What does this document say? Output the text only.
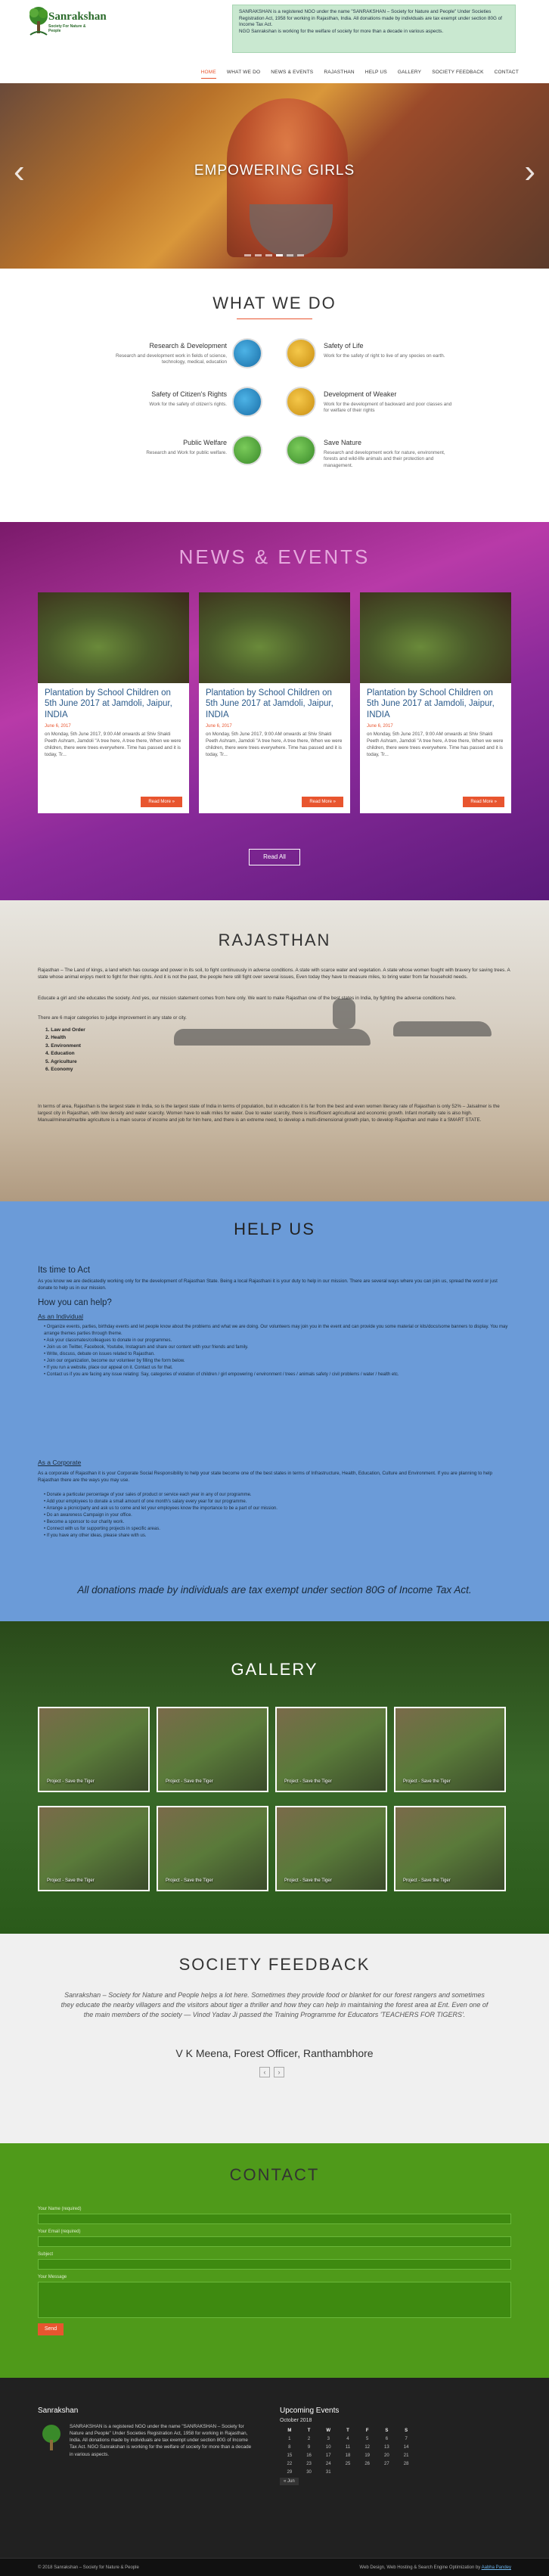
Sanrakshan
Society For Nature & People

SANRAKSHAN is a registered NGO under the name "SANRAKSHAN – Society for Nature and People" Under Societies Registration Act, 1958 for working in Rajasthan, India. All donations made by individuals are tax exempt under section 80G of Income Tax Act.

NGO Sanrakshan is working for the welfare of society for more than a decade in various aspects.

HOME WHAT WE DO NEWS & EVENTS RAJASTHAN HELP US GALLERY SOCIETY FEEDBACK CONTACT
EMPOWERING GIRLS
‹	›
WHAT WE DO
Research & Development

Research and development work in fields of science, technology, medical, education

Safety of Life

Work for the safety of right to live of any species on earth.

Safety of Citizen's Rights

Work for the safety of citizen's rights.

Development of Weaker

Work for the development of backward and poor classes and for welfare of their rights

Public Welfare

Research and Work for public welfare.

Save Nature

Research and development work for nature, environment, forests and wild-life animals and their protection and management.

NEWS & EVENTS
Plantation by School Children on 5th June 2017 at Jamdoli, Jaipur, INDIA
June 6, 2017
on Monday, 5th June 2017, 9:00 AM onwards at Shiv Shakti Peeth Ashram, Jamdoli "A tree here, A tree there, When we were children, there were trees everywhere. Time has passed and it is today, Tr...
Read More »
Plantation by School Children on 5th June 2017 at Jamdoli, Jaipur, INDIA
June 6, 2017
on Monday, 5th June 2017, 9:00 AM onwards at Shiv Shakti Peeth Ashram, Jamdoli "A tree here, A tree there, When we were children, there were trees everywhere. Time has passed and it is today, Tr...
Read More »
Plantation by School Children on 5th June 2017 at Jamdoli, Jaipur, INDIA
June 6, 2017
on Monday, 5th June 2017, 9:00 AM onwards at Shiv Shakti Peeth Ashram, Jamdoli "A tree here, A tree there, When we were children, there were trees everywhere. Time has passed and it is today, Tr...
Read More »
Read All
RAJASTHAN
Rajasthan – The Land of kings, a land which has courage and power in its soil, to fight continuously in adverse conditions. A state with scarce water and vegetation. A state whose women fought with bravery for saving trees. A state whose animal enjoys merit to fight for their rights. And it is not the past, the people here still fight over several issues, Even today they have to measure miles, to bring water from far household needs.
Educate a girl and she educates the society. And yes, our mission statement comes from here only. We want to make Rajasthan one of the best states in India, by fighting the adverse conditions here.
There are 6 major categories to judge improvement in any state or city.
1. Law and Order
2. Health
3. Environment
4. Education
5. Agriculture
6. Economy
In terms of area, Rajasthan is the largest state in India, so is the largest state of India in terms of population, but in education it is far from the best and even women literacy rate of Rajasthan is only 52% – Jaisalmer is the largest city in Rajasthan, with low density and water scarcity. Women have to walk miles for water. Due to water scarcity, there is insufficient agricultural and economic growth. Infant mortality rate is also high. Manual/mineral/marble agriculture is a main source of income and job for him here, and there is an extreme need, to develop a multi-dimensional growth plan, to develop Rajasthan and make it a SMART STATE.
HELP US
Its time to Act
As you know we are dedicatedly working only for the development of Rajasthan State. Being a local Rajasthani it is your duty to help in our mission. There are several ways where you can join us, spread the word or just donate to help us in our mission.
How you can help?
As an Individual
• Organize events, parties, birthday events and let people know about the problems and what we are doing. Our volunteers may join you in the event and can provide you some material or kits/docs/some banners to display. You may arrange themes parties through theme.
• Ask your classmates/colleagues to donate in our programmes.
• Join us on Twitter, Facebook, Youtube, Instagram and share our content with your friends and family.
• Write, discuss, debate on issues related to Rajasthan.
• Join our organization, become our volunteer by filling the form below.
• If you run a website, place our appeal on it. Contact us for that.
• Contact us if you are facing any issue relating: Say, categories of violation of children / girl empowering / environment / trees / animals safety / civil problems / water / health etc.
As a Corporate
As a corporate of Rajasthan it is your Corporate Social Responsibility to help your state become one of the best states in terms of Infrastructure, Health, Education, Culture and Environment. If you are planning to help Rajasthan there are the ways you may use.
• Donate a particular percentage of your sales of product or service each year in any of our programme.
• Add your employees to donate a small amount of one month's salary every year for our programme.
• Arrange a picnic/party and ask us to come and let your employees know the importance to be a part of our mission.
• Do an awareness Campaign in your office.
• Become a sponsor to our charity work.
• Connect with us for supporting projects in specific areas.
• If you have any other ideas, please share with us.
All donations made by individuals are tax exempt under section 80G of Income Tax Act.
GALLERY
Project - Save the Tiger	Project - Save the Tiger	Project - Save the Tiger	Project - Save the Tiger
Project - Save the Tiger	Project - Save the Tiger	Project - Save the Tiger	Project - Save the Tiger
SOCIETY FEEDBACK
Sanrakshan – Society for Nature and People helps a lot here. Sometimes they provide food or blanket for our forest rangers and sometimes they educate the nearby villagers and the visitors about tiger a thriller and how they can help in maintaining the forest area at Ent. Even one of the main members of the society — Vinod Yadav Ji passed the Training Programme for Educators 'TEACHERS FOR TIGERS'.
V K Meena, Forest Officer, Ranthambhore
‹	›
CONTACT
Your Name (required)
Your Email (required)
Subject
Your Message
Send
Sanrakshan
SANRAKSHAN is a registered NGO under the name "SANRAKSHAN – Society for Nature and People" Under Societies Registration Act, 1958 for working in Rajasthan, India. All donations made by individuals are tax exempt under section 80G of Income Tax Act. NGO Sanrakshan is working for the welfare of society for more than a decade in various aspects.
Upcoming Events
October 2018
M	T	W	T	F	S	S
1	2	3	4	5	6	7
8	9	10	11	12	13	14
15	16	17	18	19	20	21
22	23	24	25	26	27	28
29	30	31				
« Jun
© 2018 Sanrakshan – Society for Nature & People	Web Design, Web Hosting & Search Engine Optimization by Aabha Pandey
